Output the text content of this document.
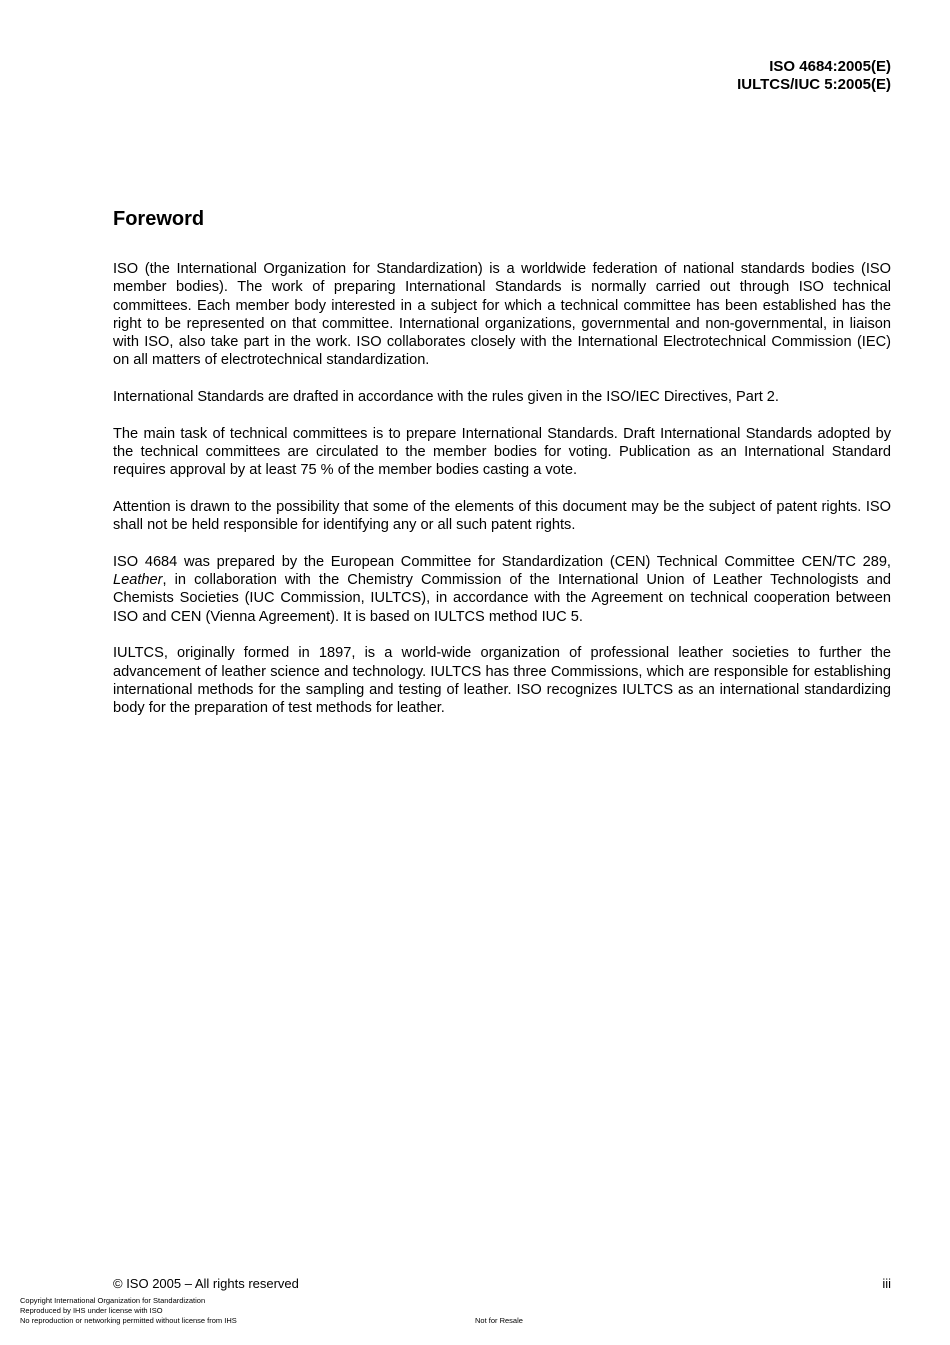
ISO 4684:2005(E)
IULTCS/IUC 5:2005(E)
Foreword

ISO (the International Organization for Standardization) is a worldwide federation of national standards bodies (ISO member bodies). The work of preparing International Standards is normally carried out through ISO technical committees. Each member body interested in a subject for which a technical committee has been established has the right to be represented on that committee. International organizations, governmental and non-governmental, in liaison with ISO, also take part in the work. ISO collaborates closely with the International Electrotechnical Commission (IEC) on all matters of electrotechnical standardization.

International Standards are drafted in accordance with the rules given in the ISO/IEC Directives, Part 2.

The main task of technical committees is to prepare International Standards. Draft International Standards adopted by the technical committees are circulated to the member bodies for voting. Publication as an International Standard requires approval by at least 75 % of the member bodies casting a vote.

Attention is drawn to the possibility that some of the elements of this document may be the subject of patent rights. ISO shall not be held responsible for identifying any or all such patent rights.

ISO 4684 was prepared by the European Committee for Standardization (CEN) Technical Committee CEN/TC 289, Leather, in collaboration with the Chemistry Commission of the International Union of Leather Technologists and Chemists Societies (IUC Commission, IULTCS), in accordance with the Agreement on technical cooperation between ISO and CEN (Vienna Agreement). It is based on IULTCS method IUC 5.

IULTCS, originally formed in 1897, is a world-wide organization of professional leather societies to further the advancement of leather science and technology. IULTCS has three Commissions, which are responsible for establishing international methods for the sampling and testing of leather. ISO recognizes IULTCS as an international standardizing body for the preparation of test methods for leather.

© ISO 2005 – All rights reserved	iii
Copyright International Organization for Standardization
Reproduced by IHS under license with ISO
No reproduction or networking permitted without license from IHS	Not for Resale
